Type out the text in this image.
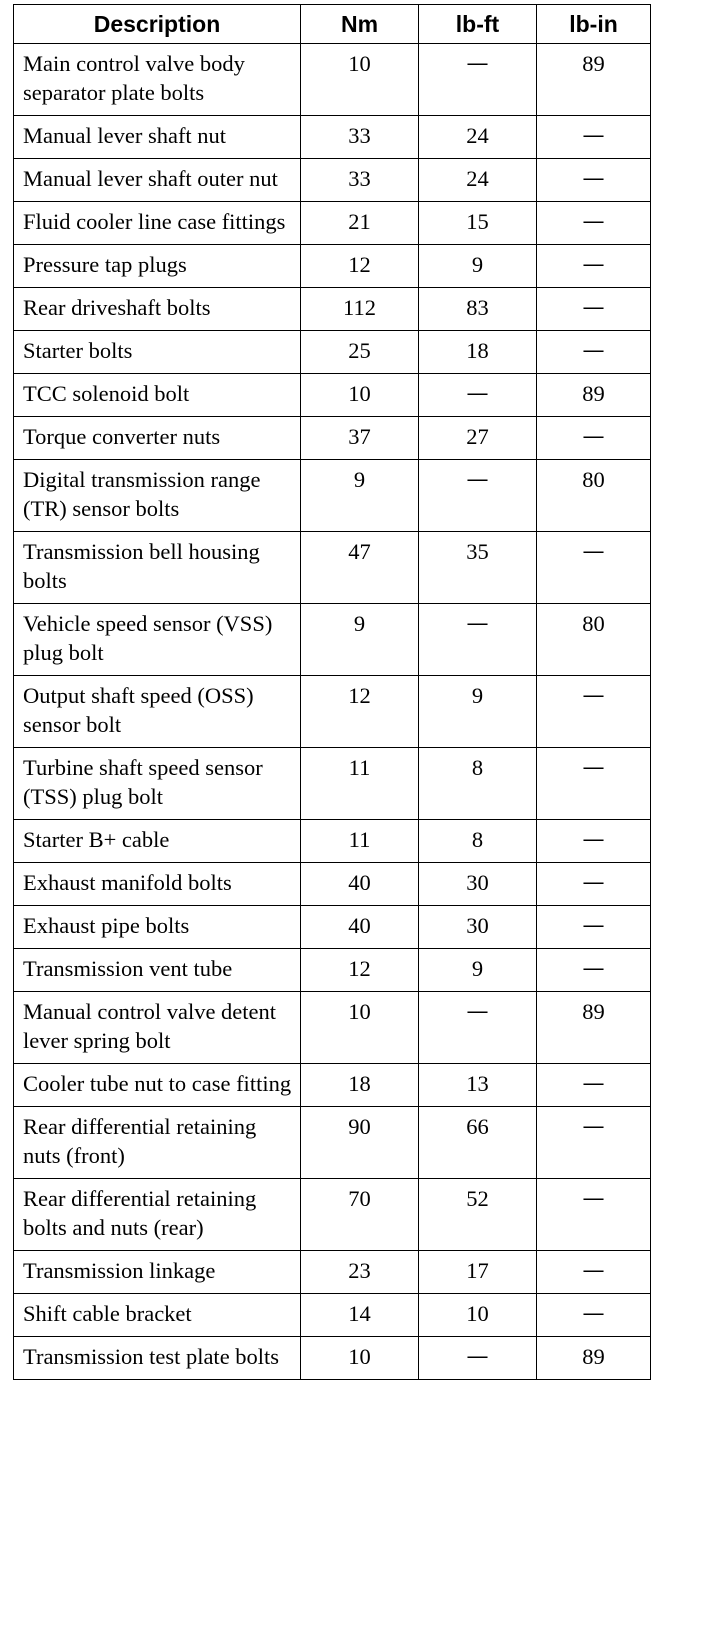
Description	Nm	lb-ft	lb-in
Main control valve body separator plate bolts	10	—	89
Manual lever shaft nut	33	24	—
Manual lever shaft outer nut	33	24	—
Fluid cooler line case fittings	21	15	—
Pressure tap plugs	12	9	—
Rear driveshaft bolts	112	83	—
Starter bolts	25	18	—
TCC solenoid bolt	10	—	89
Torque converter nuts	37	27	—
Digital transmission range (TR) sensor bolts	9	—	80
Transmission bell housing bolts	47	35	—
Vehicle speed sensor (VSS) plug bolt	9	—	80
Output shaft speed (OSS) sensor bolt	12	9	—
Turbine shaft speed sensor (TSS) plug bolt	11	8	—
Starter B+ cable	11	8	—
Exhaust manifold bolts	40	30	—
Exhaust pipe bolts	40	30	—
Transmission vent tube	12	9	—
Manual control valve detent lever spring bolt	10	—	89
Cooler tube nut to case fitting	18	13	—
Rear differential retaining nuts (front)	90	66	—
Rear differential retaining bolts and nuts (rear)	70	52	—
Transmission linkage	23	17	—
Shift cable bracket	14	10	—
Transmission test plate bolts	10	—	89
